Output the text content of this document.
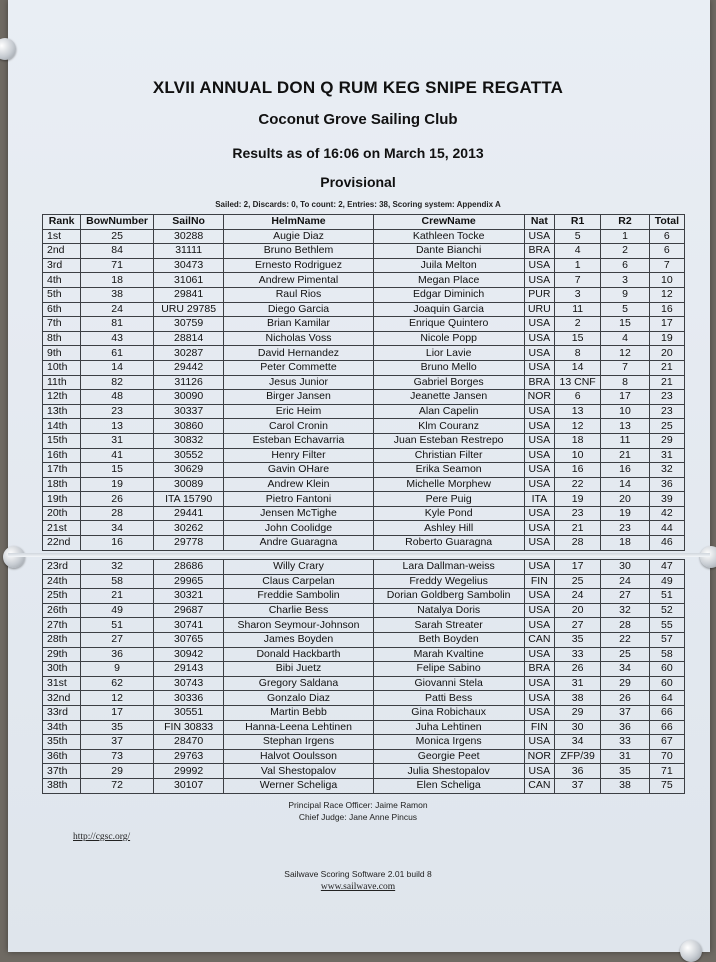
XLVII ANNUAL DON Q RUM KEG SNIPE REGATTA
Coconut Grove Sailing Club
Results as of 16:06 on March 15, 2013
Provisional
Sailed: 2, Discards: 0, To count: 2, Entries: 38, Scoring system: Appendix A
Rank	BowNumber	SailNo	HelmName	CrewName	Nat	R1	R2	Total
1st	25	30288	Augie Diaz	Kathleen Tocke	USA	5	1	6
2nd	84	31111	Bruno Bethlem	Dante Bianchi	BRA	4	2	6
3rd	71	30473	Ernesto Rodriguez	Juila Melton	USA	1	6	7
4th	18	31061	Andrew Pimental	Megan Place	USA	7	3	10
5th	38	29841	Raul Rios	Edgar Diminich	PUR	3	9	12
6th	24	URU 29785	Diego Garcia	Joaquin Garcia	URU	11	5	16
7th	81	30759	Brian Kamilar	Enrique Quintero	USA	2	15	17
8th	43	28814	Nicholas Voss	Nicole Popp	USA	15	4	19
9th	61	30287	David Hernandez	Lior Lavie	USA	8	12	20
10th	14	29442	Peter Commette	Bruno Mello	USA	14	7	21
11th	82	31126	Jesus Junior	Gabriel Borges	BRA	13 CNF	8	21
12th	48	30090	Birger Jansen	Jeanette Jansen	NOR	6	17	23
13th	23	30337	Eric Heim	Alan Capelin	USA	13	10	23
14th	13	30860	Carol Cronin	Klm Couranz	USA	12	13	25
15th	31	30832	Esteban Echavarria	Juan Esteban Restrepo	USA	18	11	29
16th	41	30552	Henry Filter	Christian Filter	USA	10	21	31
17th	15	30629	Gavin OHare	Erika Seamon	USA	16	16	32
18th	19	30089	Andrew Klein	Michelle Morphew	USA	22	14	36
19th	26	ITA 15790	Pietro Fantoni	Pere Puig	ITA	19	20	39
20th	28	29441	Jensen McTighe	Kyle Pond	USA	23	19	42
21st	34	30262	John Coolidge	Ashley Hill	USA	21	23	44
22nd	16	29778	Andre Guaragna	Roberto Guaragna	USA	28	18	46
23rd	32	28686	Willy Crary	Lara Dallman-weiss	USA	17	30	47
24th	58	29965	Claus Carpelan	Freddy Wegelius	FIN	25	24	49
25th	21	30321	Freddie Sambolin	Dorian Goldberg Sambolin	USA	24	27	51
26th	49	29687	Charlie Bess	Natalya Doris	USA	20	32	52
27th	51	30741	Sharon Seymour-Johnson	Sarah Streater	USA	27	28	55
28th	27	30765	James Boyden	Beth Boyden	CAN	35	22	57
29th	36	30942	Donald Hackbarth	Marah Kvaltine	USA	33	25	58
30th	9	29143	Bibi Juetz	Felipe Sabino	BRA	26	34	60
31st	62	30743	Gregory Saldana	Giovanni Stela	USA	31	29	60
32nd	12	30336	Gonzalo Diaz	Patti Bess	USA	38	26	64
33rd	17	30551	Martin Bebb	Gina Robichaux	USA	29	37	66
34th	35	FIN 30833	Hanna-Leena Lehtinen	Juha Lehtinen	FIN	30	36	66
35th	37	28470	Stephan Irgens	Monica Irgens	USA	34	33	67
36th	73	29763	Halvot Ooulsson	Georgie Peet	NOR	ZFP/39	31	70
37th	29	29992	Val Shestopalov	Julia Shestopalov	USA	36	35	71
38th	72	30107	Werner Scheliga	Elen Scheliga	CAN	37	38	75
Principal Race Officer: Jaime Ramon
Chief Judge: Jane Anne Pincus
http://cgsc.org/
Sailwave Scoring Software 2.01 build 8
www.sailwave.com
